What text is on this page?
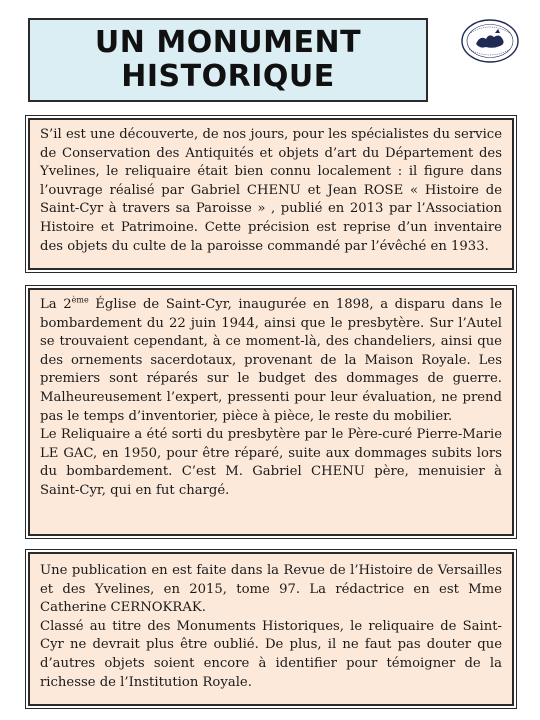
UN MONUMENT
HISTORIQUE

S’il est une découverte, de nos jours, pour les spécialistes du service de Conservation des Antiquités et objets d’art du Département des Yvelines, le reliquaire était bien connu localement : il figure dans l’ouvrage réalisé par Gabriel CHENU et Jean ROSE « Histoire de Saint-Cyr à travers sa Paroisse » , publié en 2013 par l’Association Histoire et Patrimoine. Cette précision est reprise d’un inventaire des objets du culte de la paroisse commandé par l’évêché en 1933.

La 2ème Église de Saint-Cyr, inaugurée en 1898, a disparu dans le bombardement du 22 juin 1944, ainsi que le presbytère. Sur l’Autel se trouvaient cependant, à ce moment-là, des chandeliers, ainsi que des ornements sacerdotaux, provenant de la Maison Royale. Les premiers sont réparés sur le budget des dommages de guerre. Malheureusement l’expert, pressenti pour leur évaluation, ne prend pas le temps d’inventorier, pièce à pièce, le reste du mobilier.

Le Reliquaire a été sorti du presbytère par le Père-curé Pierre-Marie LE GAC, en 1950, pour être réparé, suite aux dommages subits lors du bombardement. C’est M. Gabriel CHENU père, menuisier à Saint-Cyr, qui en fut chargé.

Une publication en est faite dans la Revue de l’Histoire de Versailles et des Yvelines, en 2015, tome 97. La rédactrice en est Mme Catherine CERNOKRAK.

Classé au titre des Monuments Historiques, le reliquaire de Saint-Cyr ne devrait plus être oublié. De plus, il ne faut pas douter que d’autres objets soient encore à identifier pour témoigner de la richesse de l’Institution Royale.
